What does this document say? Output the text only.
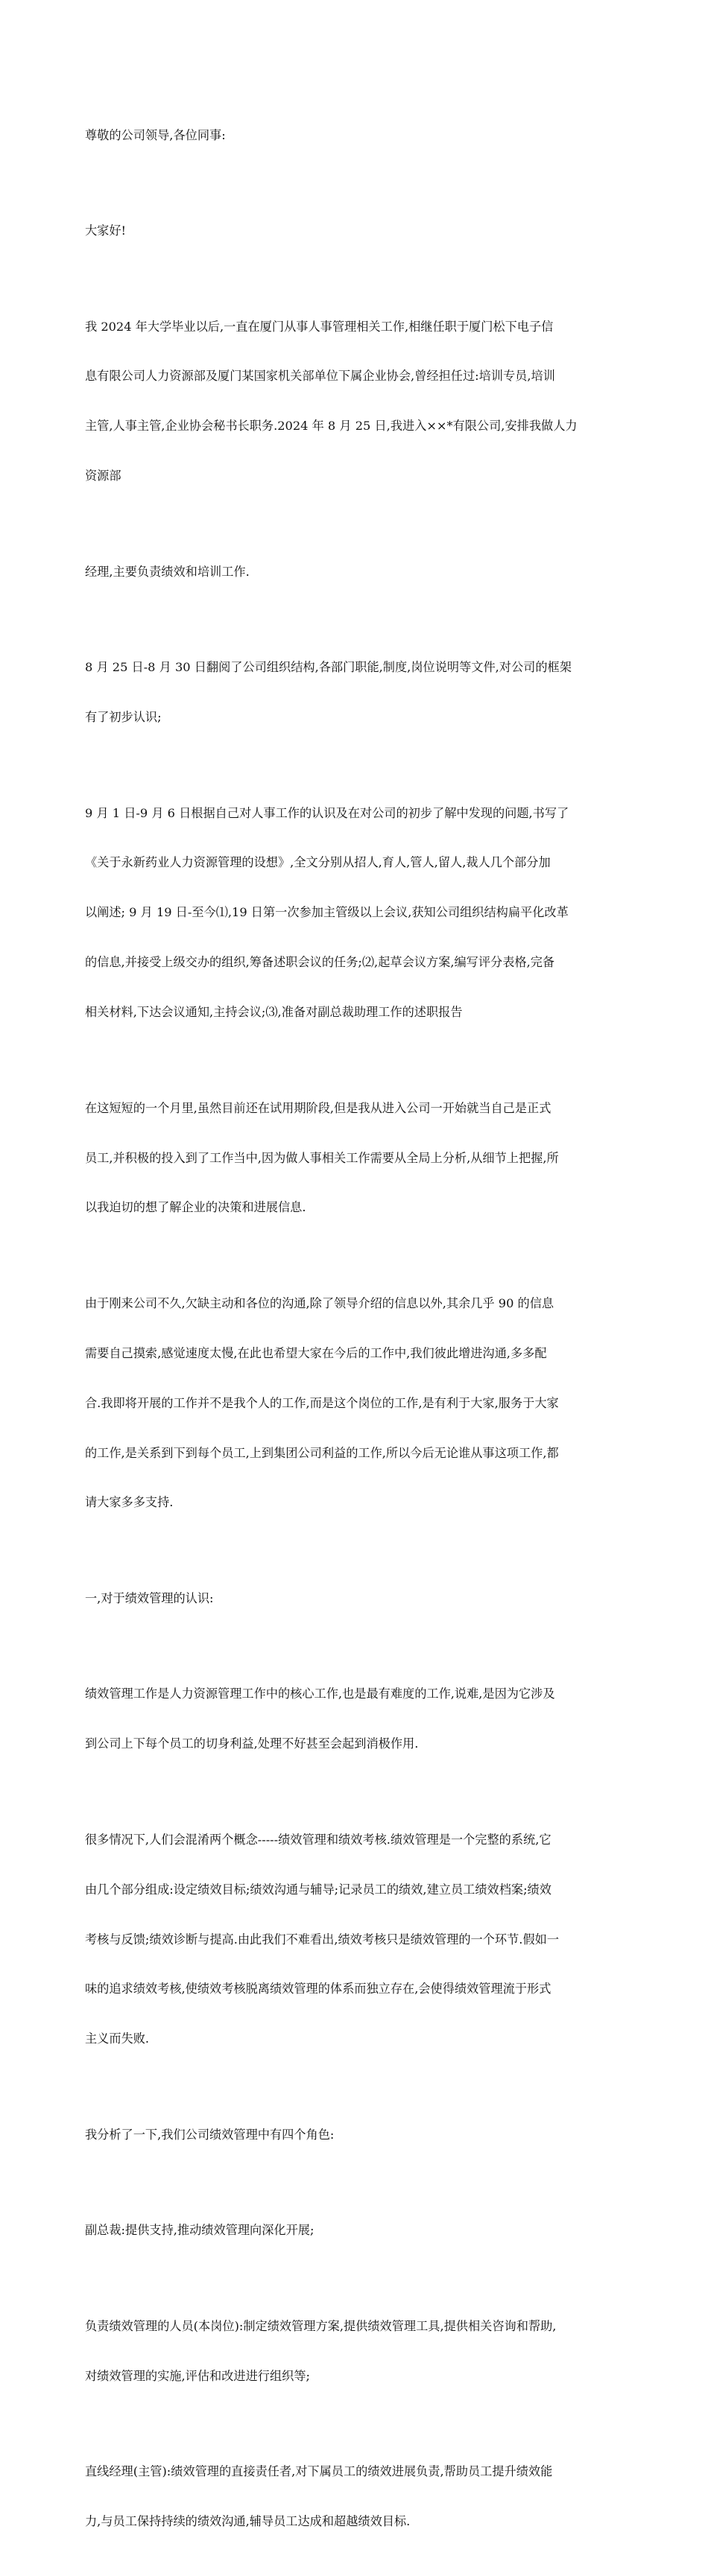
尊敬的公司领导,各位同事:

大家好!

我 2024 年大学毕业以后,一直在厦门从事人事管理相关工作,相继任职于厦门松下电子信

息有限公司人力资源部及厦门某国家机关部单位下属企业协会,曾经担任过:培训专员,培训

主管,人事主管,企业协会秘书长职务.2024 年 8 月 25 日,我进入××*有限公司,安排我做人力

资源部

经理,主要负责绩效和培训工作.

8 月 25 日-8 月 30 日翻阅了公司组织结构,各部门职能,制度,岗位说明等文件,对公司的框架

有了初步认识;

9 月 1 日-9 月 6 日根据自己对人事工作的认识及在对公司的初步了解中发现的问题,书写了

《关于永新药业人力资源管理的设想》,全文分别从招人,育人,管人,留人,裁人几个部分加

以阐述; 9 月 19 日-至今⑴,19 日第一次参加主管级以上会议,获知公司组织结构扁平化改革

的信息,并接受上级交办的组织,筹备述职会议的任务;⑵,起草会议方案,编写评分表格,完备

相关材料,下达会议通知,主持会议;⑶,准备对副总裁助理工作的述职报告

在这短短的一个月里,虽然目前还在试用期阶段,但是我从进入公司一开始就当自己是正式

员工,并积极的投入到了工作当中,因为做人事相关工作需要从全局上分析,从细节上把握,所

以我迫切的想了解企业的决策和进展信息.

由于刚来公司不久,欠缺主动和各位的沟通,除了领导介绍的信息以外,其余几乎 90 的信息

需要自己摸索,感觉速度太慢,在此也希望大家在今后的工作中,我们彼此增进沟通,多多配

合.我即将开展的工作并不是我个人的工作,而是这个岗位的工作,是有利于大家,服务于大家

的工作,是关系到下到每个员工,上到集团公司利益的工作,所以今后无论谁从事这项工作,都

请大家多多支持.

一,对于绩效管理的认识:

绩效管理工作是人力资源管理工作中的核心工作,也是最有难度的工作,说难,是因为它涉及

到公司上下每个员工的切身利益,处理不好甚至会起到消极作用.

很多情况下,人们会混淆两个概念-----绩效管理和绩效考核.绩效管理是一个完整的系统,它

由几个部分组成:设定绩效目标;绩效沟通与辅导;记录员工的绩效,建立员工绩效档案;绩效

考核与反馈;绩效诊断与提高.由此我们不难看出,绩效考核只是绩效管理的一个环节.假如一

味的追求绩效考核,使绩效考核脱离绩效管理的体系而独立存在,会使得绩效管理流于形式

主义而失败.

我分析了一下,我们公司绩效管理中有四个角色:

副总裁:提供支持,推动绩效管理向深化开展;

负责绩效管理的人员(本岗位):制定绩效管理方案,提供绩效管理工具,提供相关咨询和帮助,

对绩效管理的实施,评估和改进进行组织等;

直线经理(主管):绩效管理的直接责任者,对下属员工的绩效进展负责,帮助员工提升绩效能

力,与员工保持持续的绩效沟通,辅导员工达成和超越绩效目标.
